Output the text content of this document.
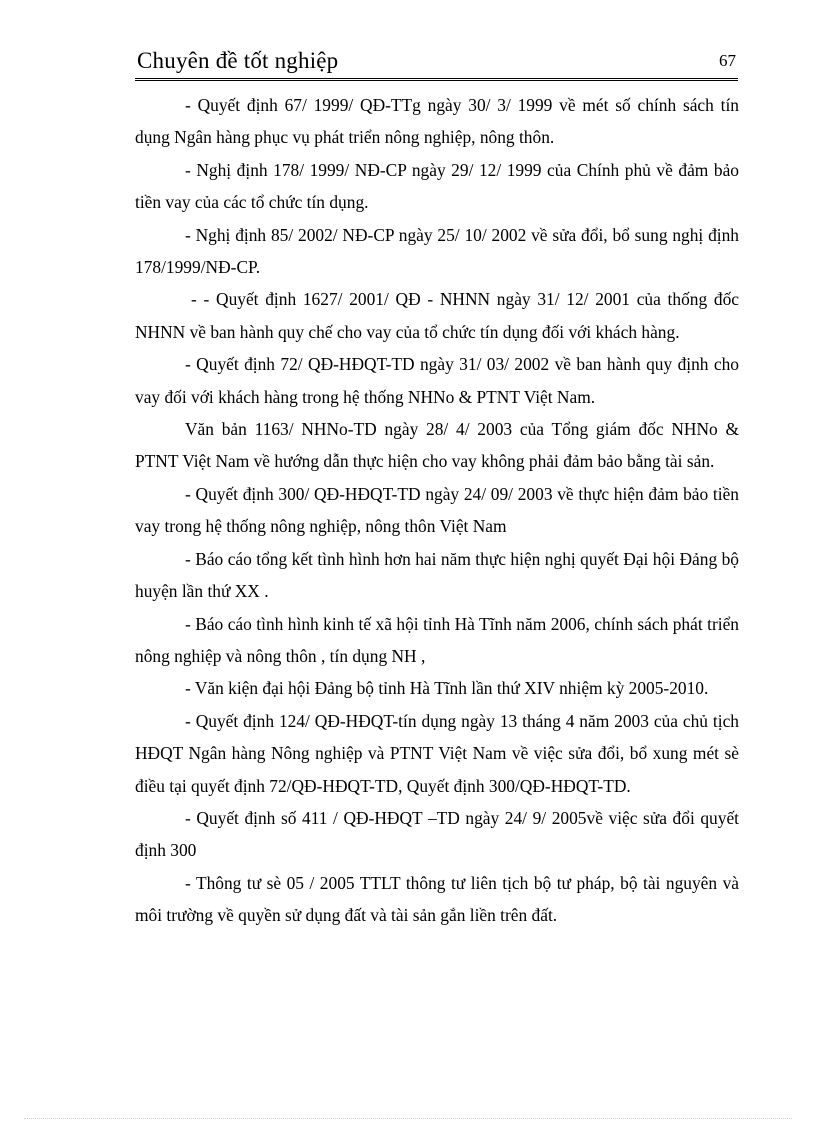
Chuyên đề tốt nghiệp	67

- Quyết định 67/ 1999/ QĐ-TTg ngày 30/ 3/ 1999 về mét số chính sách tín dụng Ngân hàng phục vụ phát triển nông nghiệp, nông thôn.

- Nghị định 178/ 1999/ NĐ-CP ngày 29/ 12/ 1999 của Chính phủ về đảm bảo tiền vay của các tổ chức tín dụng.

- Nghị định 85/ 2002/ NĐ-CP ngày 25/ 10/ 2002 về sửa đổi, bổ sung nghị định 178/1999/NĐ-CP.

- - Quyết định 1627/ 2001/ QĐ - NHNN ngày 31/ 12/ 2001 của thống đốc NHNN về ban hành quy chế cho vay của tổ chức tín dụng đối với khách hàng.

- Quyết định 72/ QĐ-HĐQT-TD ngày 31/ 03/ 2002 về ban hành quy định cho vay đối với khách hàng trong hệ thống NHNo & PTNT Việt Nam.

Văn bản 1163/ NHNo-TD ngày 28/ 4/ 2003 của Tổng giám đốc NHNo & PTNT Việt Nam về hướng dẫn thực hiện cho vay không phải đảm bảo bằng tài sản.

- Quyết định 300/ QĐ-HĐQT-TD ngày 24/ 09/ 2003 về thực hiện đảm bảo tiền vay trong hệ thống nông nghiệp, nông thôn Việt Nam

- Báo cáo tổng kết tình hình hơn hai năm thực hiện nghị quyết Đại hội Đảng bộ huyện lần thứ XX .

- Báo cáo tình hình kinh tế xã hội tỉnh Hà Tĩnh năm 2006, chính sách phát triển nông nghiệp và nông thôn , tín dụng NH ,

- Văn kiện đại hội Đảng bộ tỉnh Hà Tĩnh lần thứ XIV nhiệm kỳ 2005-2010.

- Quyết định 124/ QĐ-HĐQT-tín dụng ngày 13 tháng 4 năm 2003 của chủ tịch HĐQT Ngân hàng Nông nghiệp và PTNT Việt Nam về việc sửa đổi, bổ xung mét sè điều tại quyết định 72/QĐ-HĐQT-TD, Quyết định 300/QĐ-HĐQT-TD.

- Quyết định số 411 / QĐ-HĐQT –TD ngày 24/ 9/ 2005về việc sửa đổi quyết định 300

- Thông tư sè 05 / 2005 TTLT thông tư liên tịch bộ tư pháp, bộ tài nguyên và môi trường về quyền sử dụng đất và tài sản gắn liền trên đất.
